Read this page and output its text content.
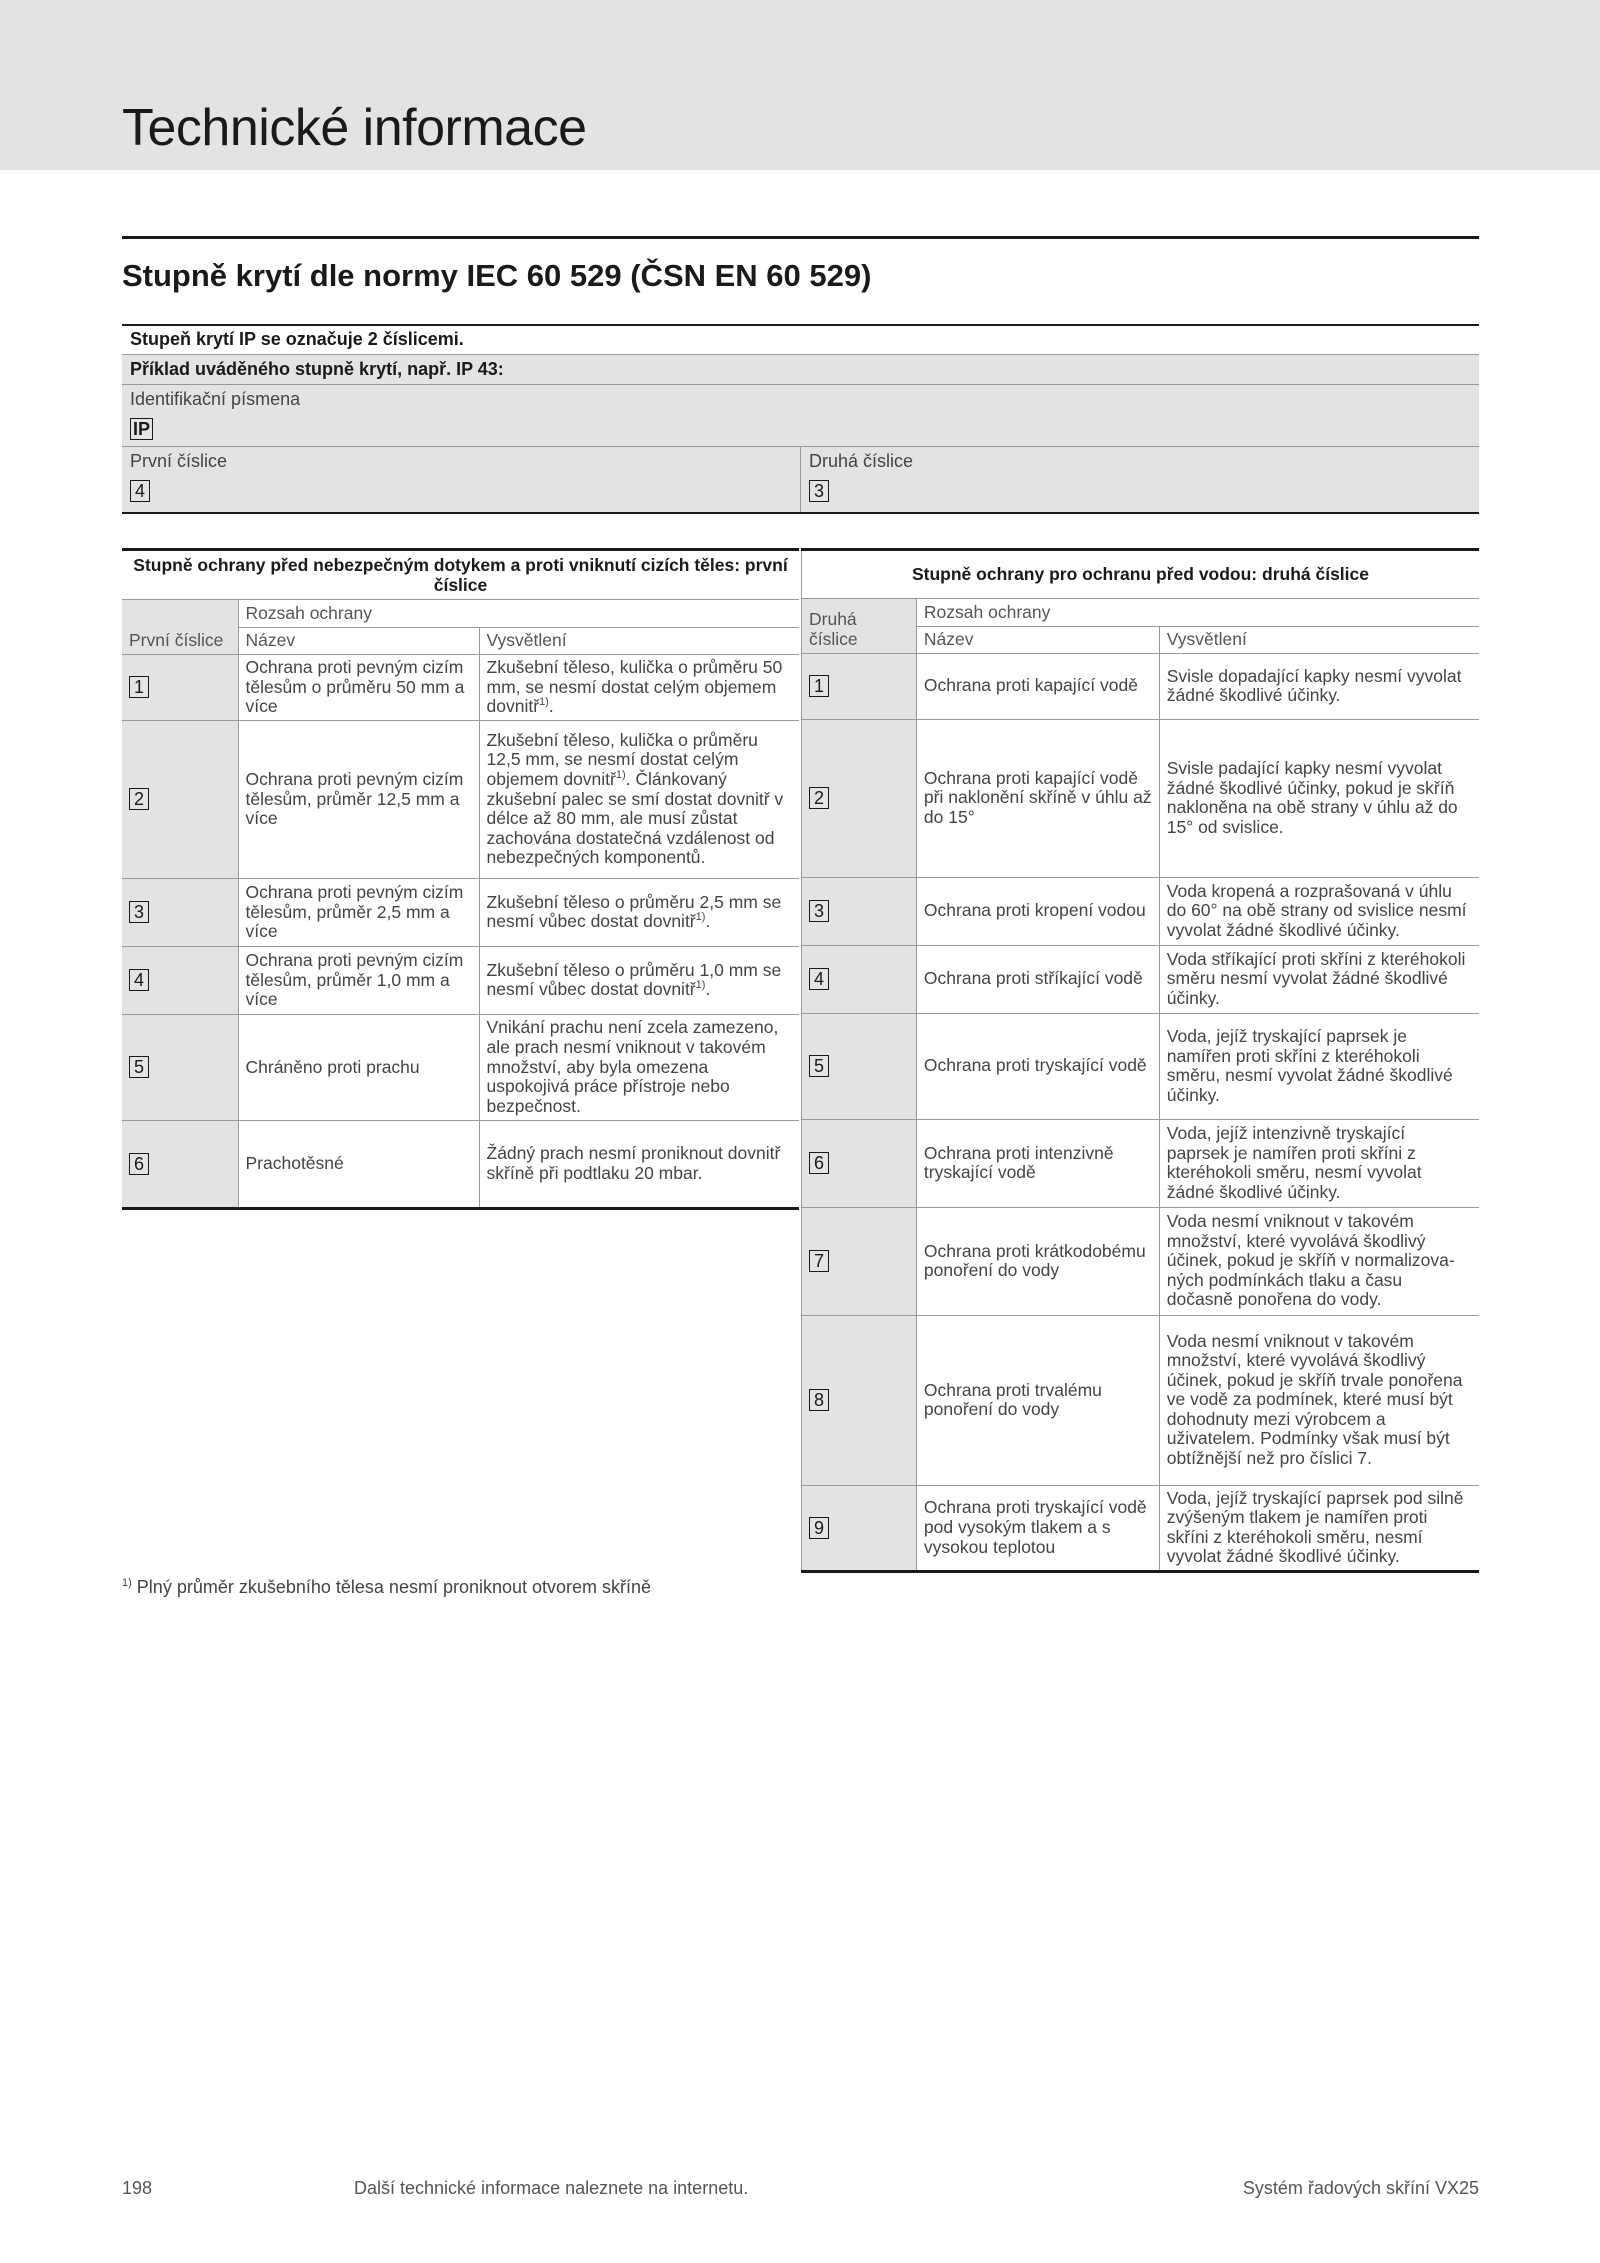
Technické informace
Stupně krytí dle normy IEC 60 529 (ČSN EN 60 529)
Stupeň krytí IP se označuje 2 číslicemi.
Příklad uváděného stupně krytí, např. IP 43:
Identifikační písmena
IP
První číslice
4
Druhá číslice
3
Stupně ochrany před nebezpečným dotykem a proti vniknutí cizích těles: první číslice		
První číslice	Rozsah ochrany	
	Název	Vysvětlení
1	Ochrana proti pevným cizím tělesům o průměru 50 mm a více	Zkušební těleso, kulička o průměru 50 mm, se nesmí dostat celým objemem dovnitř$^{1)}$.
2	Ochrana proti pevným cizím tělesům, průměr 12,5 mm a více	Zkušební těleso, kulička o průměru 12,5 mm, se nesmí dostat celým objemem dovnitř$^{1)}$. Článkovaný zkušební palec se smí dostat dovnitř v délce až 80 mm, ale musí zůstat zachována dostatečná vzdálenost od nebezpečných komponentů.
3	Ochrana proti pevným cizím tělesům, průměr 2,5 mm a více	Zkušební těleso o průměru 2,5 mm se nesmí vůbec dostat dovnitř$^{1)}$.
4	Ochrana proti pevným cizím tělesům, průměr 1,0 mm a více	Zkušební těleso o průměru 1,0 mm se nesmí vůbec dostat dovnitř$^{1)}$.
5	Chráněno proti prachu	Vnikání prachu není zcela zamezeno, ale prach nesmí vniknout v takovém množství, aby byla omezena uspokojivá práce přístroje nebo bezpečnost.
6	Prachotěsné	Žádný prach nesmí proniknout dovnitř skříně při podtlaku 20 mbar.
Stupně ochrany pro ochranu před vodou: druhá číslice		
Druhá číslice	Rozsah ochrany	
	Název	Vysvětlení
1	Ochrana proti kapající vodě	Svisle dopadající kapky nesmí vyvolat žádné škodlivé účinky.
2	Ochrana proti kapající vodě při naklonění skříně v úhlu až do 15°	Svisle padající kapky nesmí vyvolat žádné škodlivé účinky, pokud je skříň nakloněna na obě strany v úhlu až do 15° od svislice.
3	Ochrana proti kropení vodou	Voda kropená a rozprašovaná v úhlu do 60° na obě strany od svislice nesmí vyvolat žádné škodlivé účinky.
4	Ochrana proti stříkající vodě	Voda stříkající proti skříni z kteréhokoli směru nesmí vyvolat žádné škodlivé účinky.
5	Ochrana proti tryskající vodě	Voda, jejíž tryskající paprsek je namířen proti skříni z kteréhokoli směru, nesmí vyvolat žádné škodlivé účinky.
6	Ochrana proti intenzivně tryskající vodě	Voda, jejíž intenzivně tryskající paprsek je namířen proti skříni z kteréhokoli směru, nesmí vyvolat žádné škodlivé účinky.
7	Ochrana proti krátkodobému ponoření do vody	Voda nesmí vniknout v takovém množství, které vyvolává škodlivý účinek, pokud je skříň v normalizova-ných podmínkách tlaku a času dočasně ponořena do vody.
8	Ochrana proti trvalému ponoření do vody	Voda nesmí vniknout v takovém množství, které vyvolává škodlivý účinek, pokud je skříň trvale ponořena ve vodě za podmínek, které musí být dohodnuty mezi výrobcem a uživatelem. Podmínky však musí být obtížnější než pro číslici 7.
9	Ochrana proti tryskající vodě pod vysokým tlakem a s vysokou teplotou	Voda, jejíž tryskající paprsek pod silně zvýšeným tlakem je namířen proti skříni z kteréhokoli směru, nesmí vyvolat žádné škodlivé účinky.
$^{1)}$ Plný průměr zkušebního tělesa nesmí proniknout otvorem skříně
198	Další technické informace naleznete na internetu.	Systém řadových skříní VX25
